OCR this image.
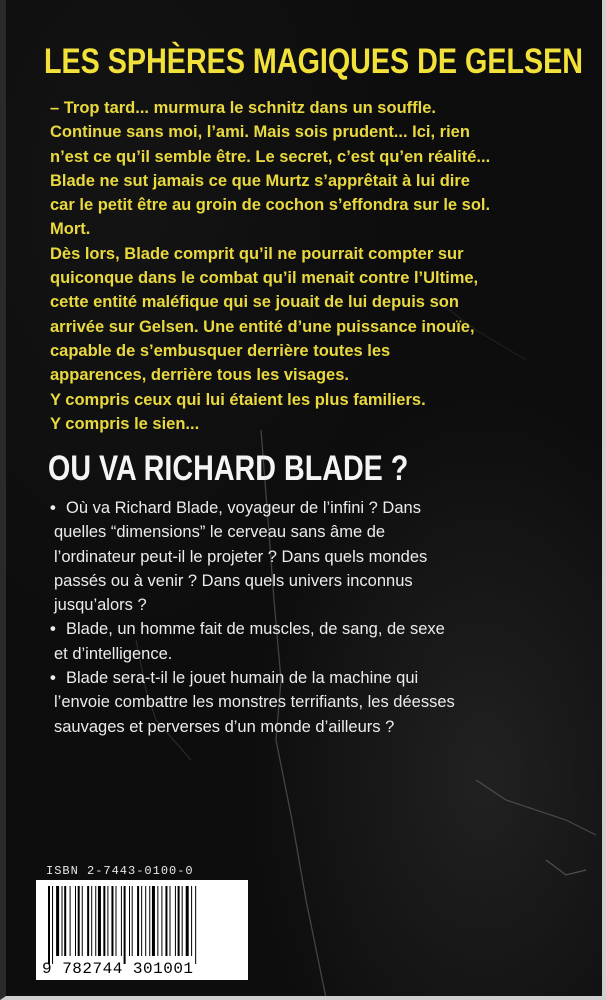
LES SPHÈRES MAGIQUES DE GELSEN
– Trop tard... murmura le schnitz dans un souffle.
Continue sans moi, l’ami. Mais sois prudent... Ici, rien
n’est ce qu’il semble être. Le secret, c’est qu’en réalité...
Blade ne sut jamais ce que Murtz s’apprêtait à lui dire
car le petit être au groin de cochon s’effondra sur le sol.
Mort.
Dès lors, Blade comprit qu’il ne pourrait compter sur
quiconque dans le combat qu’il menait contre l’Ultime,
cette entité maléfique qui se jouait de lui depuis son
arrivée sur Gelsen. Une entité d’une puissance inouïe,
capable de s’embusquer derrière toutes les
apparences, derrière tous les visages.
Y compris ceux qui lui étaient les plus familiers.
Y compris le sien...
OU VA RICHARD BLADE ?
• Où va Richard Blade, voyageur de l’infini ? Dans
quelles “dimensions” le cerveau sans âme de
l’ordinateur peut-il le projeter ? Dans quels mondes
passés ou à venir ? Dans quels univers inconnus
jusqu’alors ?
• Blade, un homme fait de muscles, de sang, de sexe
et d’intelligence.
• Blade sera-t-il le jouet humain de la machine qui
l’envoie combattre les monstres terrifiants, les déesses
sauvages et perverses d’un monde d’ailleurs ?
ISBN 2-7443-0100-0
9 782744 301001
